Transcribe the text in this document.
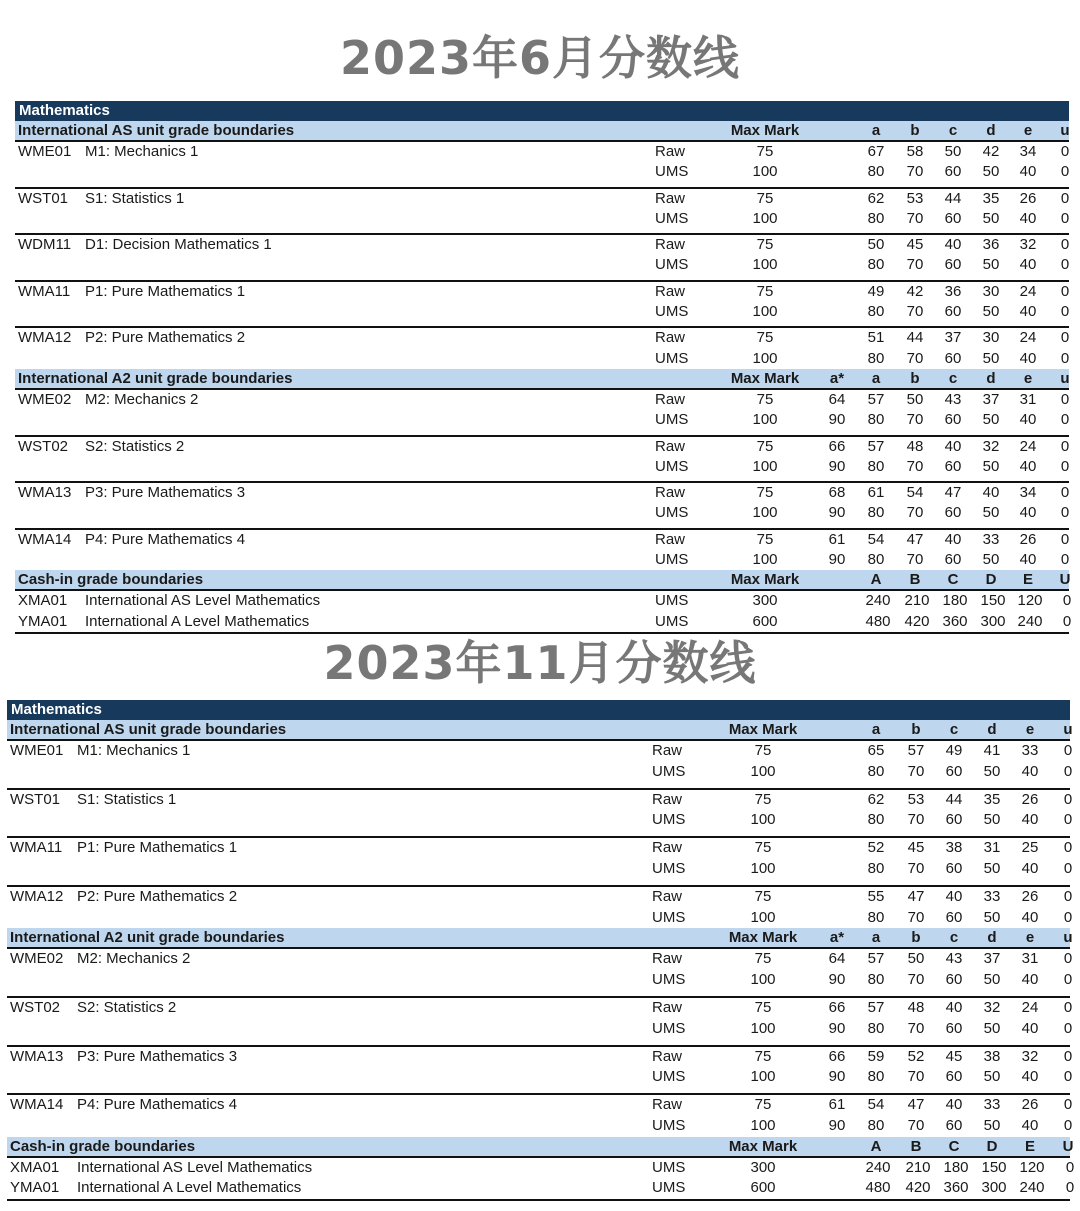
2023年6月分数线
Mathematics
International AS unit grade boundaries	Max Mark	a	b	c	d	e	u
WME01 M1: Mechanics 1	Raw	75	67	58	50	42	34	0
UMS	100	80	70	60	50	40	0
WST01 S1: Statistics 1	Raw	75	62	53	44	35	26	0
UMS	100	80	70	60	50	40	0
WDM11 D1: Decision Mathematics 1	Raw	75	50	45	40	36	32	0
UMS	100	80	70	60	50	40	0
WMA11 P1: Pure Mathematics 1	Raw	75	49	42	36	30	24	0
UMS	100	80	70	60	50	40	0
WMA12 P2: Pure Mathematics 2	Raw	75	51	44	37	30	24	0
UMS	100	80	70	60	50	40	0
International A2 unit grade boundaries	Max Mark	a*	a	b	c	d	e	u
WME02 M2: Mechanics 2	Raw	75	64	57	50	43	37	31	0
UMS	100	90	80	70	60	50	40	0
WST02 S2: Statistics 2	Raw	75	66	57	48	40	32	24	0
UMS	100	90	80	70	60	50	40	0
WMA13 P3: Pure Mathematics 3	Raw	75	68	61	54	47	40	34	0
UMS	100	90	80	70	60	50	40	0
WMA14 P4: Pure Mathematics 4	Raw	75	61	54	47	40	33	26	0
UMS	100	90	80	70	60	50	40	0
Cash-in grade boundaries	Max Mark	A	B	C	D	E	U
XMA01 International AS Level Mathematics	UMS	300	240 210 180 150 120	0
YMA01 International A Level Mathematics	UMS	600	480 420 360 300 240	0
2023年11月分数线
Mathematics
International AS unit grade boundaries	Max Mark	a	b	c	d	e	u
WME01 M1: Mechanics 1	Raw	75	65	57	49	41	33	0
UMS	100	80	70	60	50	40	0
WST01 S1: Statistics 1	Raw	75	62	53	44	35	26	0
UMS	100	80	70	60	50	40	0
WMA11 P1: Pure Mathematics 1	Raw	75	52	45	38	31	25	0
UMS	100	80	70	60	50	40	0
WMA12 P2: Pure Mathematics 2	Raw	75	55	47	40	33	26	0
UMS	100	80	70	60	50	40	0
International A2 unit grade boundaries	Max Mark	a*	a	b	c	d	e	u
WME02 M2: Mechanics 2	Raw	75	64	57	50	43	37	31	0
UMS	100	90	80	70	60	50	40	0
WST02 S2: Statistics 2	Raw	75	66	57	48	40	32	24	0
UMS	100	90	80	70	60	50	40	0
WMA13 P3: Pure Mathematics 3	Raw	75	66	59	52	45	38	32	0
UMS	100	90	80	70	60	50	40	0
WMA14 P4: Pure Mathematics 4	Raw	75	61	54	47	40	33	26	0
UMS	100	90	80	70	60	50	40	0
Cash-in grade boundaries	Max Mark	A	B	C	D	E	U
XMA01 International AS Level Mathematics	UMS	300	240 210 180 150 120	0
YMA01 International A Level Mathematics	UMS	600	480 420 360 300 240	0
